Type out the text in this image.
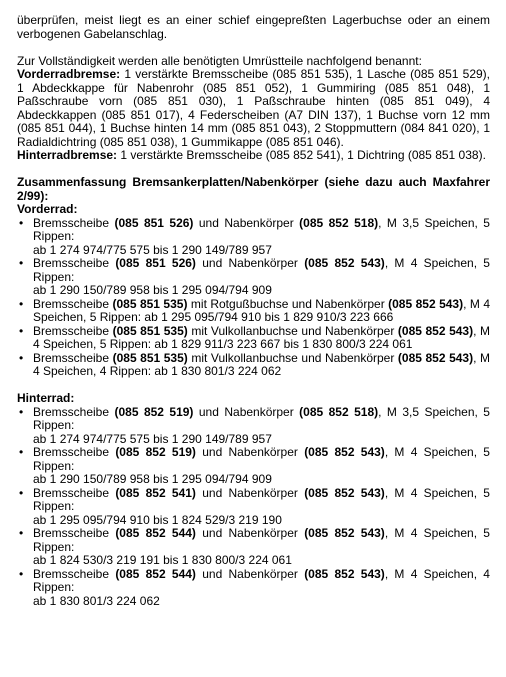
überprüfen, meist liegt es an einer schief eingepreßten Lagerbuchse oder an einem verbogenen Gabelanschlag.

Zur Vollständigkeit werden alle benötigten Umrüstteile nachfolgend benannt:

Vorderradbremse: 1 verstärkte Bremsscheibe (085 851 535), 1 Lasche (085 851 529), 1 Abdeckkappe für Nabenrohr (085 851 052), 1 Gummiring (085 851 048), 1 Paßschraube vorn (085 851 030), 1 Paßschraube hinten (085 851 049), 4 Abdeckkappen (085 851 017), 4 Federscheiben (A7 DIN 137), 1 Buchse vorn 12 mm (085 851 044), 1 Buchse hinten 14 mm (085 851 043), 2 Stoppmuttern (084 841 020), 1 Radialdichtring (085 851 038), 1 Gummikappe (085 851 046).

Hinterradbremse: 1 verstärkte Bremsscheibe (085 852 541), 1 Dichtring (085 851 038).

Zusammenfassung Bremsankerplatten/Nabenkörper (siehe dazu auch Maxfahrer 2/99):

Vorderrad:

• Bremsscheibe (085 851 526) und Nabenkörper (085 852 518), M 3,5 Speichen, 5 Rippen:
ab 1 274 974/775 575 bis 1 290 149/789 957
• Bremsscheibe (085 851 526) und Nabenkörper (085 852 543), M 4 Speichen, 5 Rippen:
ab 1 290 150/789 958 bis 1 295 094/794 909
• Bremsscheibe (085 851 535) mit Rotgußbuchse und Nabenkörper (085 852 543), M 4 Speichen, 5 Rippen: ab 1 295 095/794 910 bis 1 829 910/3 223 666
• Bremsscheibe (085 851 535) mit Vulkollanbuchse und Nabenkörper (085 852 543), M 4 Speichen, 5 Rippen: ab 1 829 911/3 223 667 bis 1 830 800/3 224 061
• Bremsscheibe (085 851 535) mit Vulkollanbuchse und Nabenkörper (085 852 543), M 4 Speichen, 4 Rippen: ab 1 830 801/3 224 062

Hinterrad:

• Bremsscheibe (085 852 519) und Nabenkörper (085 852 518), M 3,5 Speichen, 5 Rippen:
ab 1 274 974/775 575 bis 1 290 149/789 957
• Bremsscheibe (085 852 519) und Nabenkörper (085 852 543), M 4 Speichen, 5 Rippen:
ab 1 290 150/789 958 bis 1 295 094/794 909
• Bremsscheibe (085 852 541) und Nabenkörper (085 852 543), M 4 Speichen, 5 Rippen:
ab 1 295 095/794 910 bis 1 824 529/3 219 190
• Bremsscheibe (085 852 544) und Nabenkörper (085 852 543), M 4 Speichen, 5 Rippen:
ab 1 824 530/3 219 191 bis 1 830 800/3 224 061
• Bremsscheibe (085 852 544) und Nabenkörper (085 852 543), M 4 Speichen, 4 Rippen:
ab 1 830 801/3 224 062
